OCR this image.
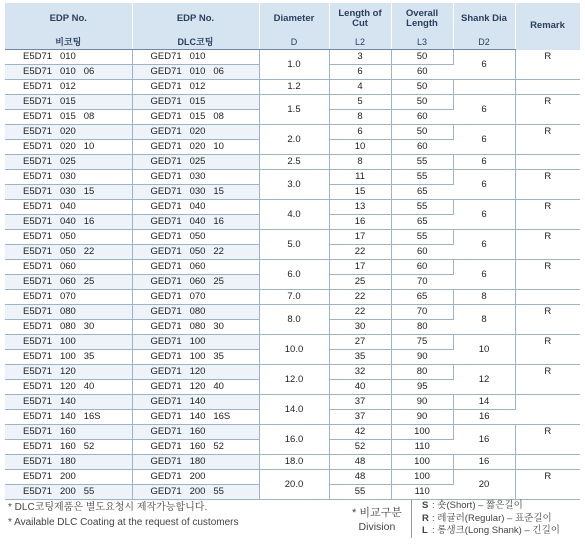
EDP No.	EDP No.	Diameter	Length of Cut	Overall Length	Shank Dia	Remark
비코팅	DLC코팅	D	L2	L3	D2	
E5D71   010	GED71   010	1.0	3	50	6	R
E5D71   010   06	GED71   010   06		6	60		
E5D71   012	GED71   012	1.2	4	50		
E5D71   015	GED71   015	1.5	5	50	6	R
E5D71   015   08	GED71   015   08		8	60		
E5D71   020	GED71   020	2.0	6	50	6	R
E5D71   020   10	GED71   020   10		10	60		
E5D71   025	GED71   025	2.5	8	55	6	
E5D71   030	GED71   030	3.0	11	55	6	R
E5D71   030   15	GED71   030   15		15	65		
E5D71   040	GED71   040	4.0	13	55	6	R
E5D71   040   16	GED71   040   16		16	65		
E5D71   050	GED71   050	5.0	17	55	6	R
E5D71   050   22	GED71   050   22		22	60		
E5D71   060	GED71   060	6.0	17	60	6	R
E5D71   060   25	GED71   060   25		25	70		
E5D71   070	GED71   070	7.0	22	65	8	
E5D71   080	GED71   080	8.0	22	70	8	R
E5D71   080   30	GED71   080   30		30	80		
E5D71   100	GED71   100	10.0	27	75	10	R
E5D71   100   35	GED71   100   35		35	90		
E5D71   120	GED71   120	12.0	32	80	12	R
E5D71   120   40	GED71   120   40		40	95		
E5D71   140	GED71   140	14.0	37	90	14	
E5D71   140   16S	GED71   140   16S		37	90	16	
E5D71   160	GED71   160	16.0	42	100	16	R
E5D71   160   52	GED71   160   52		52	110		
E5D71   180	GED71   180	18.0	48	100	16	
E5D71   200	GED71   200	20.0	48	100	20	R
E5D71   200   55	GED71   200   55		55	110		
* DLC코팅제품은 별도요청시 제작가능합니다.
* Available DLC Coating at the request of customers
* 비교구분
Division
S : 숏(Short) – 짧은길이
R : 레귤러(Regular) – 표준길이
L : 롱생크(Long Shank) – 긴길이
